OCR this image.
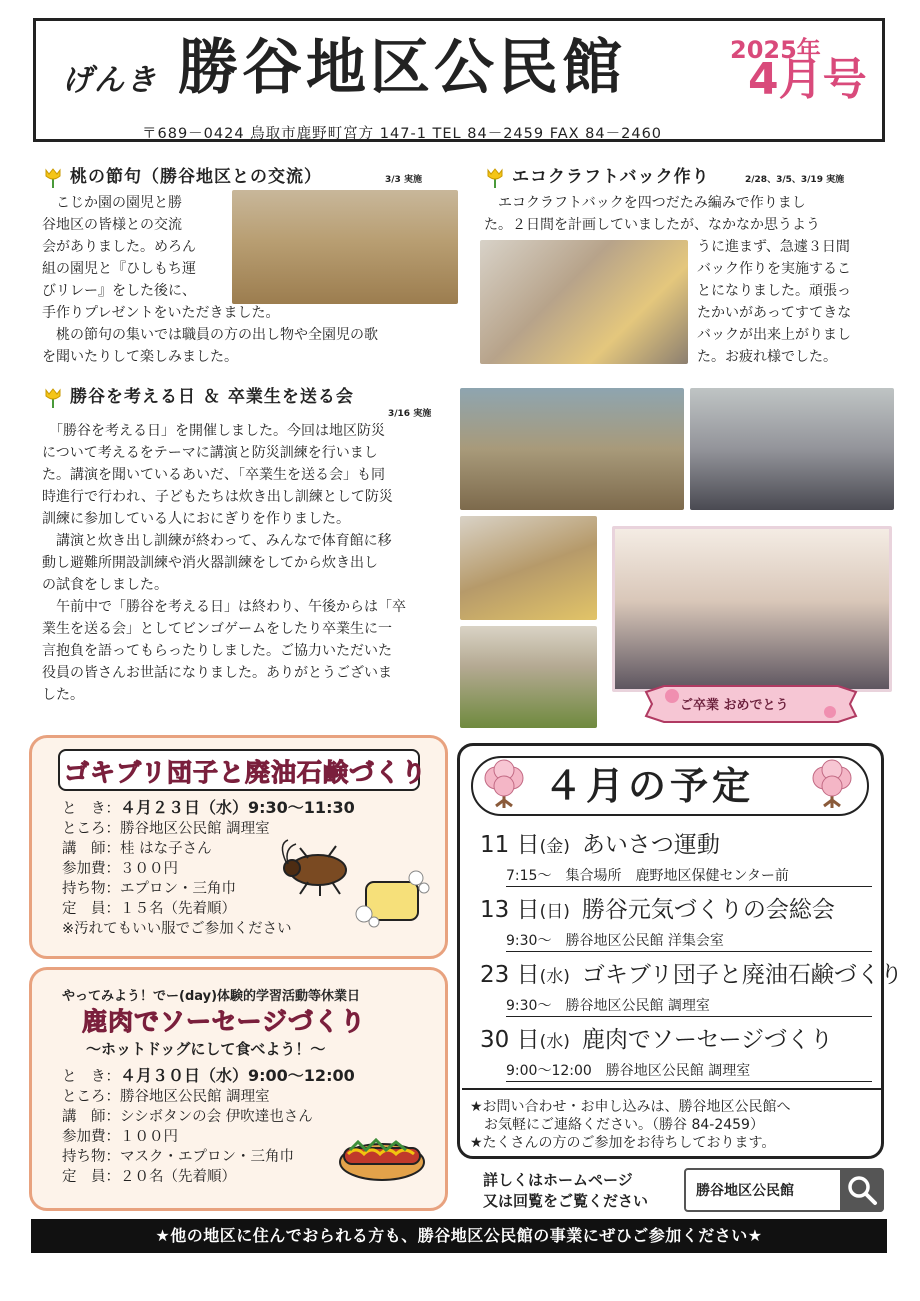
げんき 勝谷地区公民館	2025年
4月号
〒689－0424 鳥取市鹿野町宮方 147-1 TEL 84－2459 FAX 84－2460
桃の節句（勝谷地区との交流）	3/3 実施
　こじか園の園児と勝
谷地区の皆様との交流
会がありました。めろん
組の園児と『ひしもち運
びリレー』をした後に、
手作りプレゼントをいただきました。
　桃の節句の集いでは職員の方の出し物や全園児の歌
を聞いたりして楽しみました。
エコクラフトバック作り	2/28、3/5、3/19 実施
　エコクラフトバックを四つだたみ編みで作りまし
た。２日間を計画していましたが、なかなか思うよう
うに進まず、急遽３日間
バック作りを実施するこ
とになりました。頑張っ
たかいがあってすてきな
バックが出来上がりまし
た。お疲れ様でした。
勝谷を考える日 ＆ 卒業生を送る会
3/16 実施
　「勝谷を考える日」を開催しました。今回は地区防災
について考えるをテーマに講演と防災訓練を行いまし
た。講演を聞いているあいだ、「卒業生を送る会」も同
時進行で行われ、子どもたちは炊き出し訓練として防災
訓練に参加している人におにぎりを作りました。
　講演と炊き出し訓練が終わって、みんなで体育館に移
動し避難所開設訓練や消火器訓練をしてから炊き出し
の試食をしました。
　午前中で「勝谷を考える日」は終わり、午後からは「卒
業生を送る会」としてビンゴゲームをしたり卒業生に一
言抱負を語ってもらったりしました。ご協力いただいた
役員の皆さんお世話になりました。ありがとうございま
した。
ご卒業 おめでとう
ゴキブリ団子と廃油石鹸づくり
と　き：４月２３日（水）9:30～11:30
ところ：勝谷地区公民館 調理室
講　師：桂 はな子さん
参加費：３００円
持ち物：エプロン・三角巾
定　員：１５名（先着順）
※汚れてもいい服でご参加ください
やってみよう！でー(day)体験的学習活動等休業日
鹿肉でソーセージづくり
～ホットドッグにして食べよう！～
と　き：４月３０日（水）9:00～12:00
ところ：勝谷地区公民館 調理室
講　師：シシボタンの会 伊吹達也さん
参加費：１００円
持ち物：マスク・エプロン・三角巾
定　員：２０名（先着順）
４月の予定
11 日(金) あいさつ運動
7:15～　集合場所　鹿野地区保健センター前
13 日(日) 勝谷元気づくりの会総会
9:30～　勝谷地区公民館 洋集会室
23 日(水) ゴキブリ団子と廃油石鹸づくり
9:30～　勝谷地区公民館 調理室
30 日(水) 鹿肉でソーセージづくり
9:00～12:00　勝谷地区公民館 調理室
★お問い合わせ・お申し込みは、勝谷地区公民館へ
　お気軽にご連絡ください。（勝谷 84-2459）
★たくさんの方のご参加をお待ちしております。
詳しくはホームページ
又は回覧をご覧ください
勝谷地区公民館
★他の地区に住んでおられる方も、勝谷地区公民館の事業にぜひご参加ください★
